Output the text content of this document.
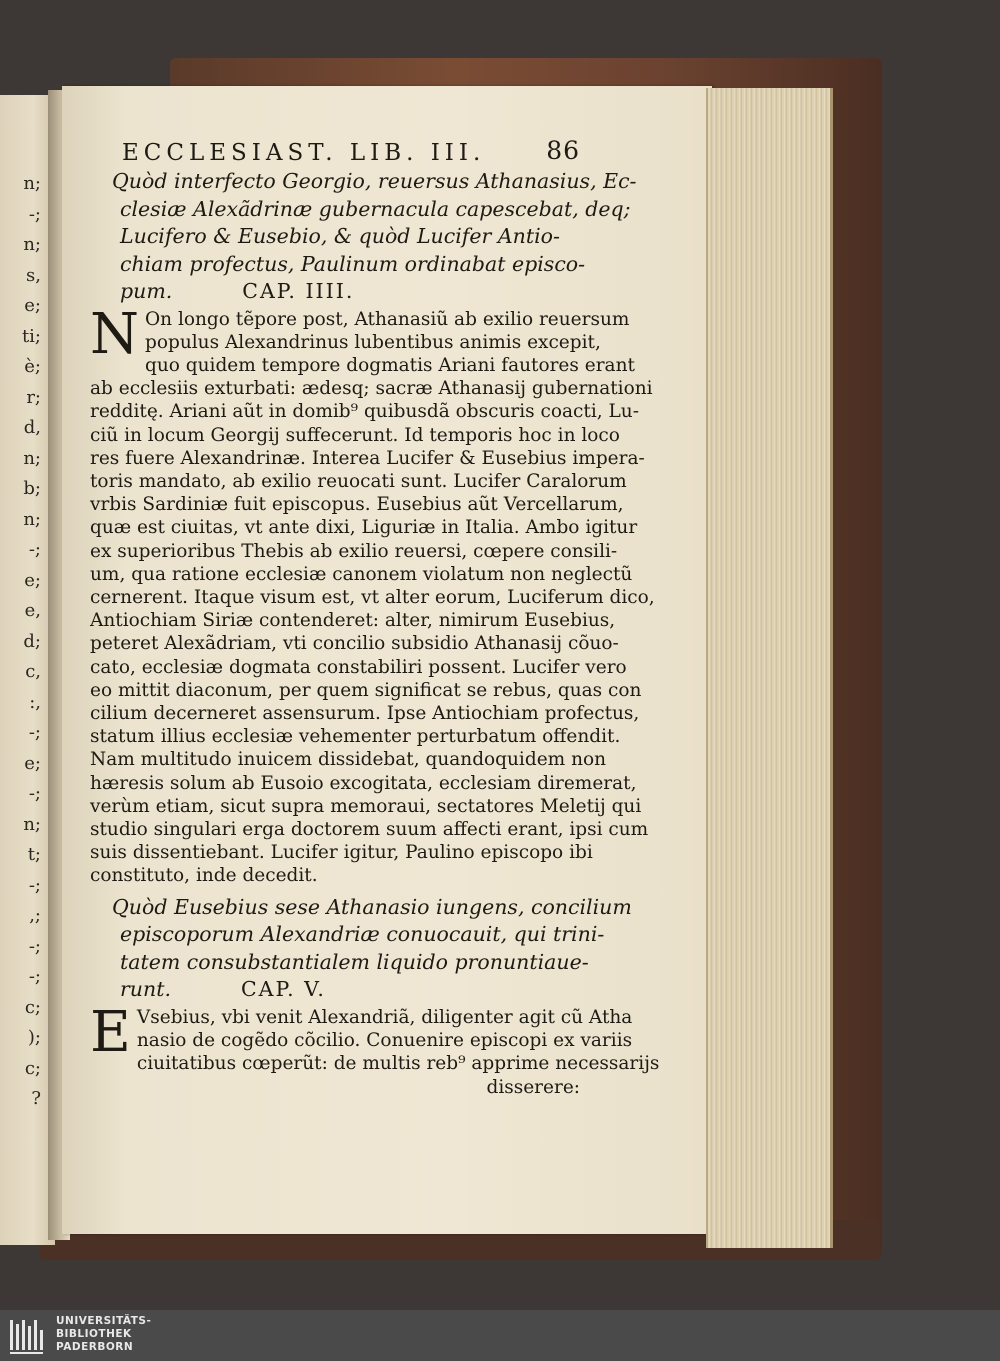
n;
-;
n;
s,
e;
ti;
è;
r;
d,
n;
b;
n;
-;
e;
e,
d;
c,
:,
-;
e;
-;
n;
t;
-;
,;
-;
-;
c;
);
c;
?
ECCLESIAST. LIB. III. 86
Quòd interfecto Georgio, reuersus Athanasius, Ec-
clesiæ Alexãdrinæ gubernacula capescebat, deq;
Lucifero & Eusebio, & quòd Lucifer Antio-
chiam profectus, Paulinum ordinabat episco-
pum.	CAP. IIII.
N On longo tẽpore post, Athanasiũ ab exilio reuersum
populus Alexandrinus lubentibus animis excepit,
quo quidem tempore dogmatis Ariani fautores erant
ab ecclesiis exturbati: ædesq; sacræ Athanasij gubernationi
redditę. Ariani aũt in domib⁹ quibusdã obscuris coacti, Lu-
ciũ in locum Georgij suffecerunt. Id temporis hoc in loco
res fuere Alexandrinæ. Interea Lucifer & Eusebius impera-
toris mandato, ab exilio reuocati sunt. Lucifer Caralorum
vrbis Sardiniæ fuit episcopus. Eusebius aũt Vercellarum,
quæ est ciuitas, vt ante dixi, Liguriæ in Italia. Ambo igitur
ex superioribus Thebis ab exilio reuersi, cœpere consili-
um, qua ratione ecclesiæ canonem violatum non neglectũ
cernerent. Itaque visum est, vt alter eorum, Luciferum dico,
Antiochiam Siriæ contenderet: alter, nimirum Eusebius,
peteret Alexãdriam, vti concilio subsidio Athanasij cõuo-
cato, ecclesiæ dogmata constabiliri possent. Lucifer vero
eo mittit diaconum, per quem significat se rebus, quas con
cilium decerneret assensurum. Ipse Antiochiam profectus,
statum illius ecclesiæ vehementer perturbatum offendit.
Nam multitudo inuicem dissidebat, quandoquidem non
hæresis solum ab Eusoio excogitata, ecclesiam diremerat,
verùm etiam, sicut supra memoraui, sectatores Meletij qui
studio singulari erga doctorem suum affecti erant, ipsi cum
suis dissentiebant. Lucifer igitur, Paulino episcopo ibi
constituto, inde decedit.
Quòd Eusebius sese Athanasio iungens, concilium
episcoporum Alexandriæ conuocauit, qui trini-
tatem consubstantialem liquido pronuntiaue-
runt.	CAP. V.
E Vsebius, vbi venit Alexandriã, diligenter agit cũ Atha
nasio de cogẽdo cõcilio. Conuenire episcopi ex variis
ciuitatibus cœperũt: de multis reb⁹ apprime necessarijs
disserere:
UNIVERSITÄTS-
BIBLIOTHEK
PADERBORN
